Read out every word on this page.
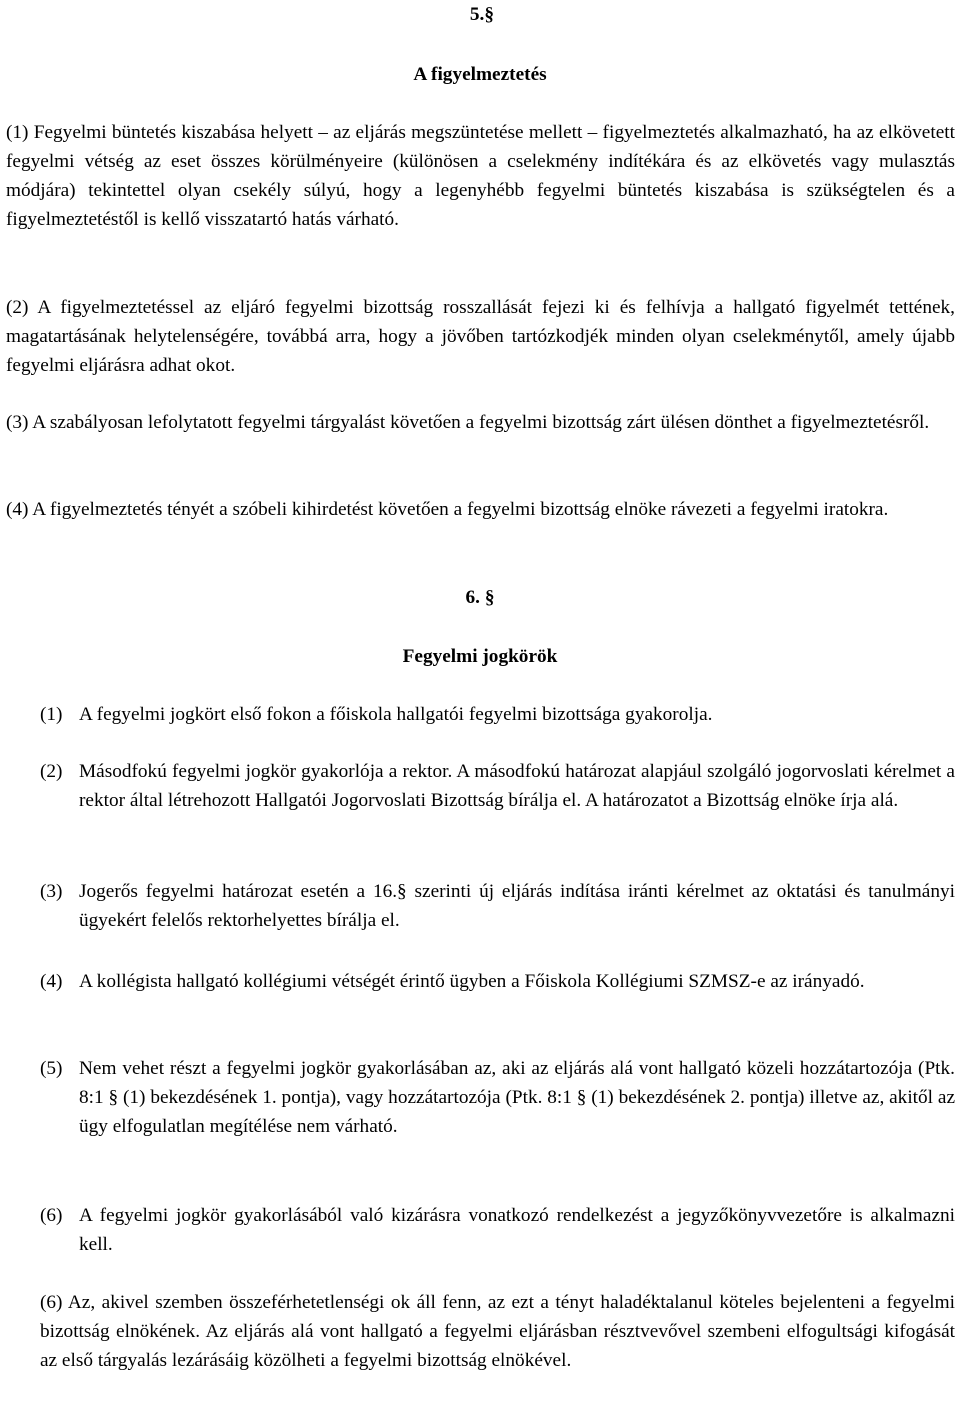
5.§

A figyelmeztetés

(1) Fegyelmi büntetés kiszabása helyett – az eljárás megszüntetése mellett – figyelmeztetés alkalmazható, ha az elkövetett fegyelmi vétség az eset összes körülményeire (különösen a cselekmény indítékára és az elkövetés vagy mulasztás módjára) tekintettel olyan csekély súlyú, hogy a legenyhébb fegyelmi büntetés kiszabása is szükségtelen és a figyelmeztetéstől is kellő visszatartó hatás várható.

(2) A figyelmeztetéssel az eljáró fegyelmi bizottság rosszallását fejezi ki és felhívja a hallgató figyelmét tettének, magatartásának helytelenségére, továbbá arra, hogy a jövőben tartózkodjék minden olyan cselekménytől, amely újabb fegyelmi eljárásra adhat okot.

(3) A szabályosan lefolytatott fegyelmi tárgyalást követően a fegyelmi bizottság zárt ülésen dönthet a figyelmeztetésről.

(4) A figyelmeztetés tényét a szóbeli kihirdetést követően a fegyelmi bizottság elnöke rávezeti a fegyelmi iratokra.

6. §

Fegyelmi jogkörök

(1) A fegyelmi jogkört első fokon a főiskola hallgatói fegyelmi bizottsága gyakorolja.
(2) Másodfokú fegyelmi jogkör gyakorlója a rektor. A másodfokú határozat alapjául szolgáló jogorvoslati kérelmet a rektor által létrehozott Hallgatói Jogorvoslati Bizottság bírálja el. A határozatot a Bizottság elnöke írja alá.
(3) Jogerős fegyelmi határozat esetén a 16.§ szerinti új eljárás indítása iránti kérelmet az oktatási és tanulmányi ügyekért felelős rektorhelyettes bírálja el.
(4) A kollégista hallgató kollégiumi vétségét érintő ügyben a Főiskola Kollégiumi SZMSZ-e az irányadó.
(5) Nem vehet részt a fegyelmi jogkör gyakorlásában az, aki az eljárás alá vont hallgató közeli hozzátartozója (Ptk. 8:1 § (1) bekezdésének 1. pontja), vagy hozzátartozója (Ptk. 8:1 § (1) bekezdésének 2. pontja) illetve az, akitől az ügy elfogulatlan megítélése nem várható.
(6) A fegyelmi jogkör gyakorlásából való kizárásra vonatkozó rendelkezést a jegyzőkönyvvezetőre is alkalmazni kell.

(6) Az, akivel szemben összeférhetetlenségi ok áll fenn, az ezt a tényt haladéktalanul köteles bejelenteni a fegyelmi bizottság elnökének. Az eljárás alá vont hallgató a fegyelmi eljárásban résztvevővel szembeni elfogultsági kifogását az első tárgyalás lezárásáig közölheti a fegyelmi bizottság elnökével.
